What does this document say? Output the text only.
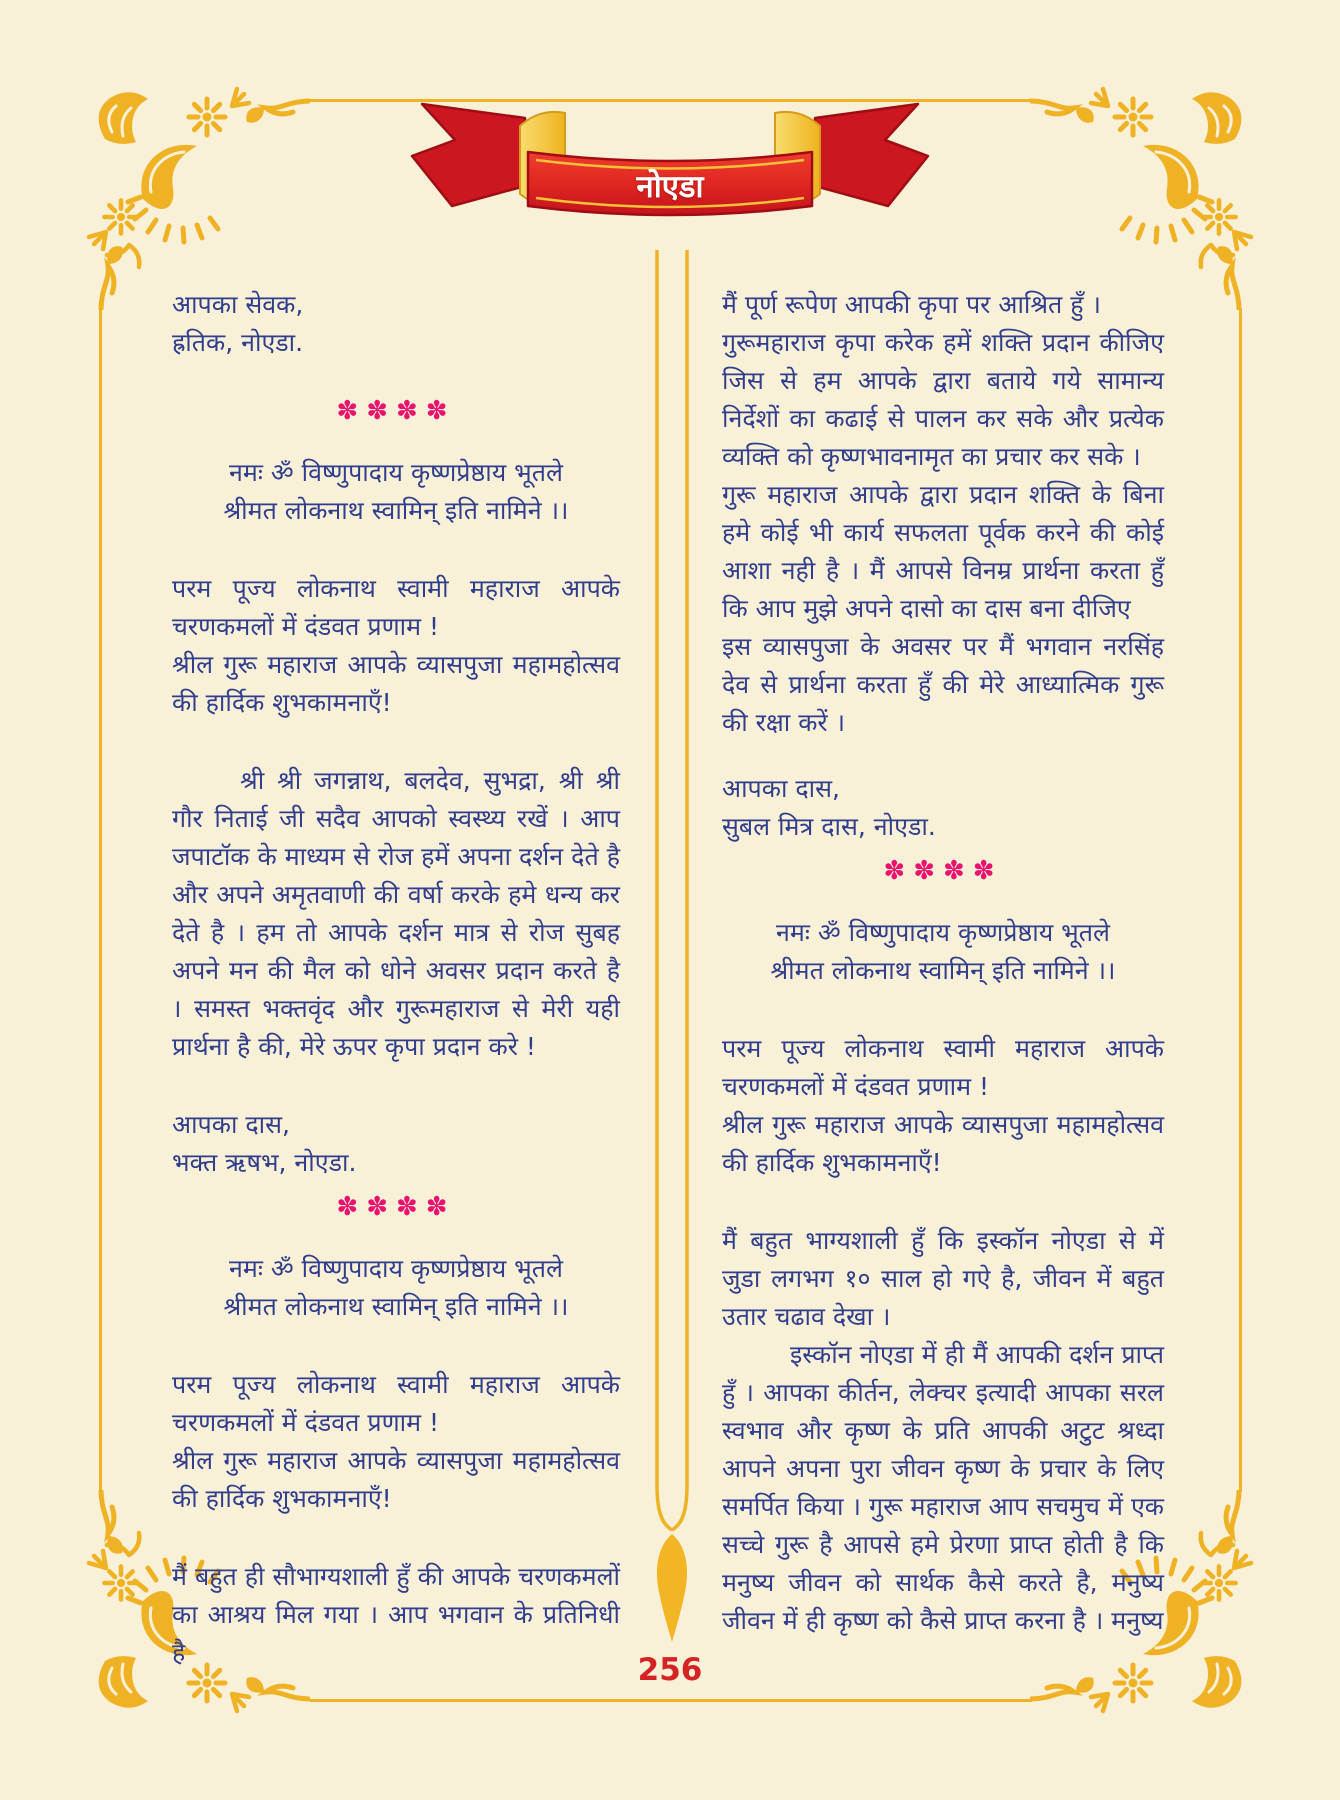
नोएडा

आपका सेवक,

ह्रतिक, नोएडा.

✽✽✽✽

नमः ॐ विष्णुपादाय कृष्णप्रेष्ठाय भूतले

श्रीमत लोकनाथ स्वामिन् इति नामिने ।।

परम पूज्य लोकनाथ स्वामी महाराज आपके चरणकमलों में दंडवत प्रणाम !

श्रील गुरू महाराज आपके व्यासपुजा महामहोत्सव की हार्दिक शुभकामनाएँ!

श्री श्री जगन्नाथ, बलदेव, सुभद्रा, श्री श्री गौर निताई जी सदैव आपको स्वस्थ्य रखें । आप जपाटॉक के माध्यम से रोज हमें अपना दर्शन देते है और अपने अमृतवाणी की वर्षा करके हमे धन्य कर देते है । हम तो आपके दर्शन मात्र से रोज सुबह अपने मन की मैल को धोने अवसर प्रदान करते है । समस्त भक्तवृंद और गुरूमहाराज से मेरी यही प्रार्थना है की, मेरे ऊपर कृपा प्रदान करे !

आपका दास,

भक्त ऋषभ, नोएडा.

✽✽✽✽

नमः ॐ विष्णुपादाय कृष्णप्रेष्ठाय भूतले

श्रीमत लोकनाथ स्वामिन् इति नामिने ।।

परम पूज्य लोकनाथ स्वामी महाराज आपके चरणकमलों में दंडवत प्रणाम !

श्रील गुरू महाराज आपके व्यासपुजा महामहोत्सव की हार्दिक शुभकामनाएँ!

मैं बहुत ही सौभाग्यशाली हुँ की आपके चरणकमलों का आश्रय मिल गया । आप भगवान के प्रतिनिधी है

मैं पूर्ण रूपेण आपकी कृपा पर आश्रित हुँ ।

गुरूमहाराज कृपा करेक हमें शक्ति प्रदान कीजिए जिस से हम आपके द्वारा बताये गये सामान्य निर्देशों का कढाई से पालन कर सके और प्रत्येक व्यक्ति को कृष्णभावनामृत का प्रचार कर सके ।

गुरू महाराज आपके द्वारा प्रदान शक्ति के बिना हमे कोई भी कार्य सफलता पूर्वक करने की कोई आशा नही है । मैं आपसे विनम्र प्रार्थना करता हुँ कि आप मुझे अपने दासो का दास बना दीजिए

इस व्यासपुजा के अवसर पर मैं भगवान नरसिंह देव से प्रार्थना करता हुँ की मेरे आध्यात्मिक गुरू की रक्षा करें ।

आपका दास,

सुबल मित्र दास, नोएडा.

✽✽✽✽

नमः ॐ विष्णुपादाय कृष्णप्रेष्ठाय भूतले

श्रीमत लोकनाथ स्वामिन् इति नामिने ।।

परम पूज्य लोकनाथ स्वामी महाराज आपके चरणकमलों में दंडवत प्रणाम !

श्रील गुरू महाराज आपके व्यासपुजा महामहोत्सव की हार्दिक शुभकामनाएँ!

मैं बहुत भाग्यशाली हुँ कि इस्कॉन नोएडा से में जुडा लगभग १० साल हो गऐ है, जीवन में बहुत उतार चढाव देखा ।

इस्कॉन नोएडा में ही मैं आपकी दर्शन प्राप्त हुँ । आपका कीर्तन, लेक्चर इत्यादी आपका सरल स्वभाव और कृष्ण के प्रति आपकी अटुट श्रध्दा आपने अपना पुरा जीवन कृष्ण के प्रचार के लिए समर्पित किया । गुरू महाराज आप सचमुच में एक सच्चे गुरू है आपसे हमे प्रेरणा प्राप्त होती है कि मनुष्य जीवन को सार्थक कैसे करते है, मनुष्य जीवन में ही कृष्ण को कैसे प्राप्त करना है । मनुष्य

256
